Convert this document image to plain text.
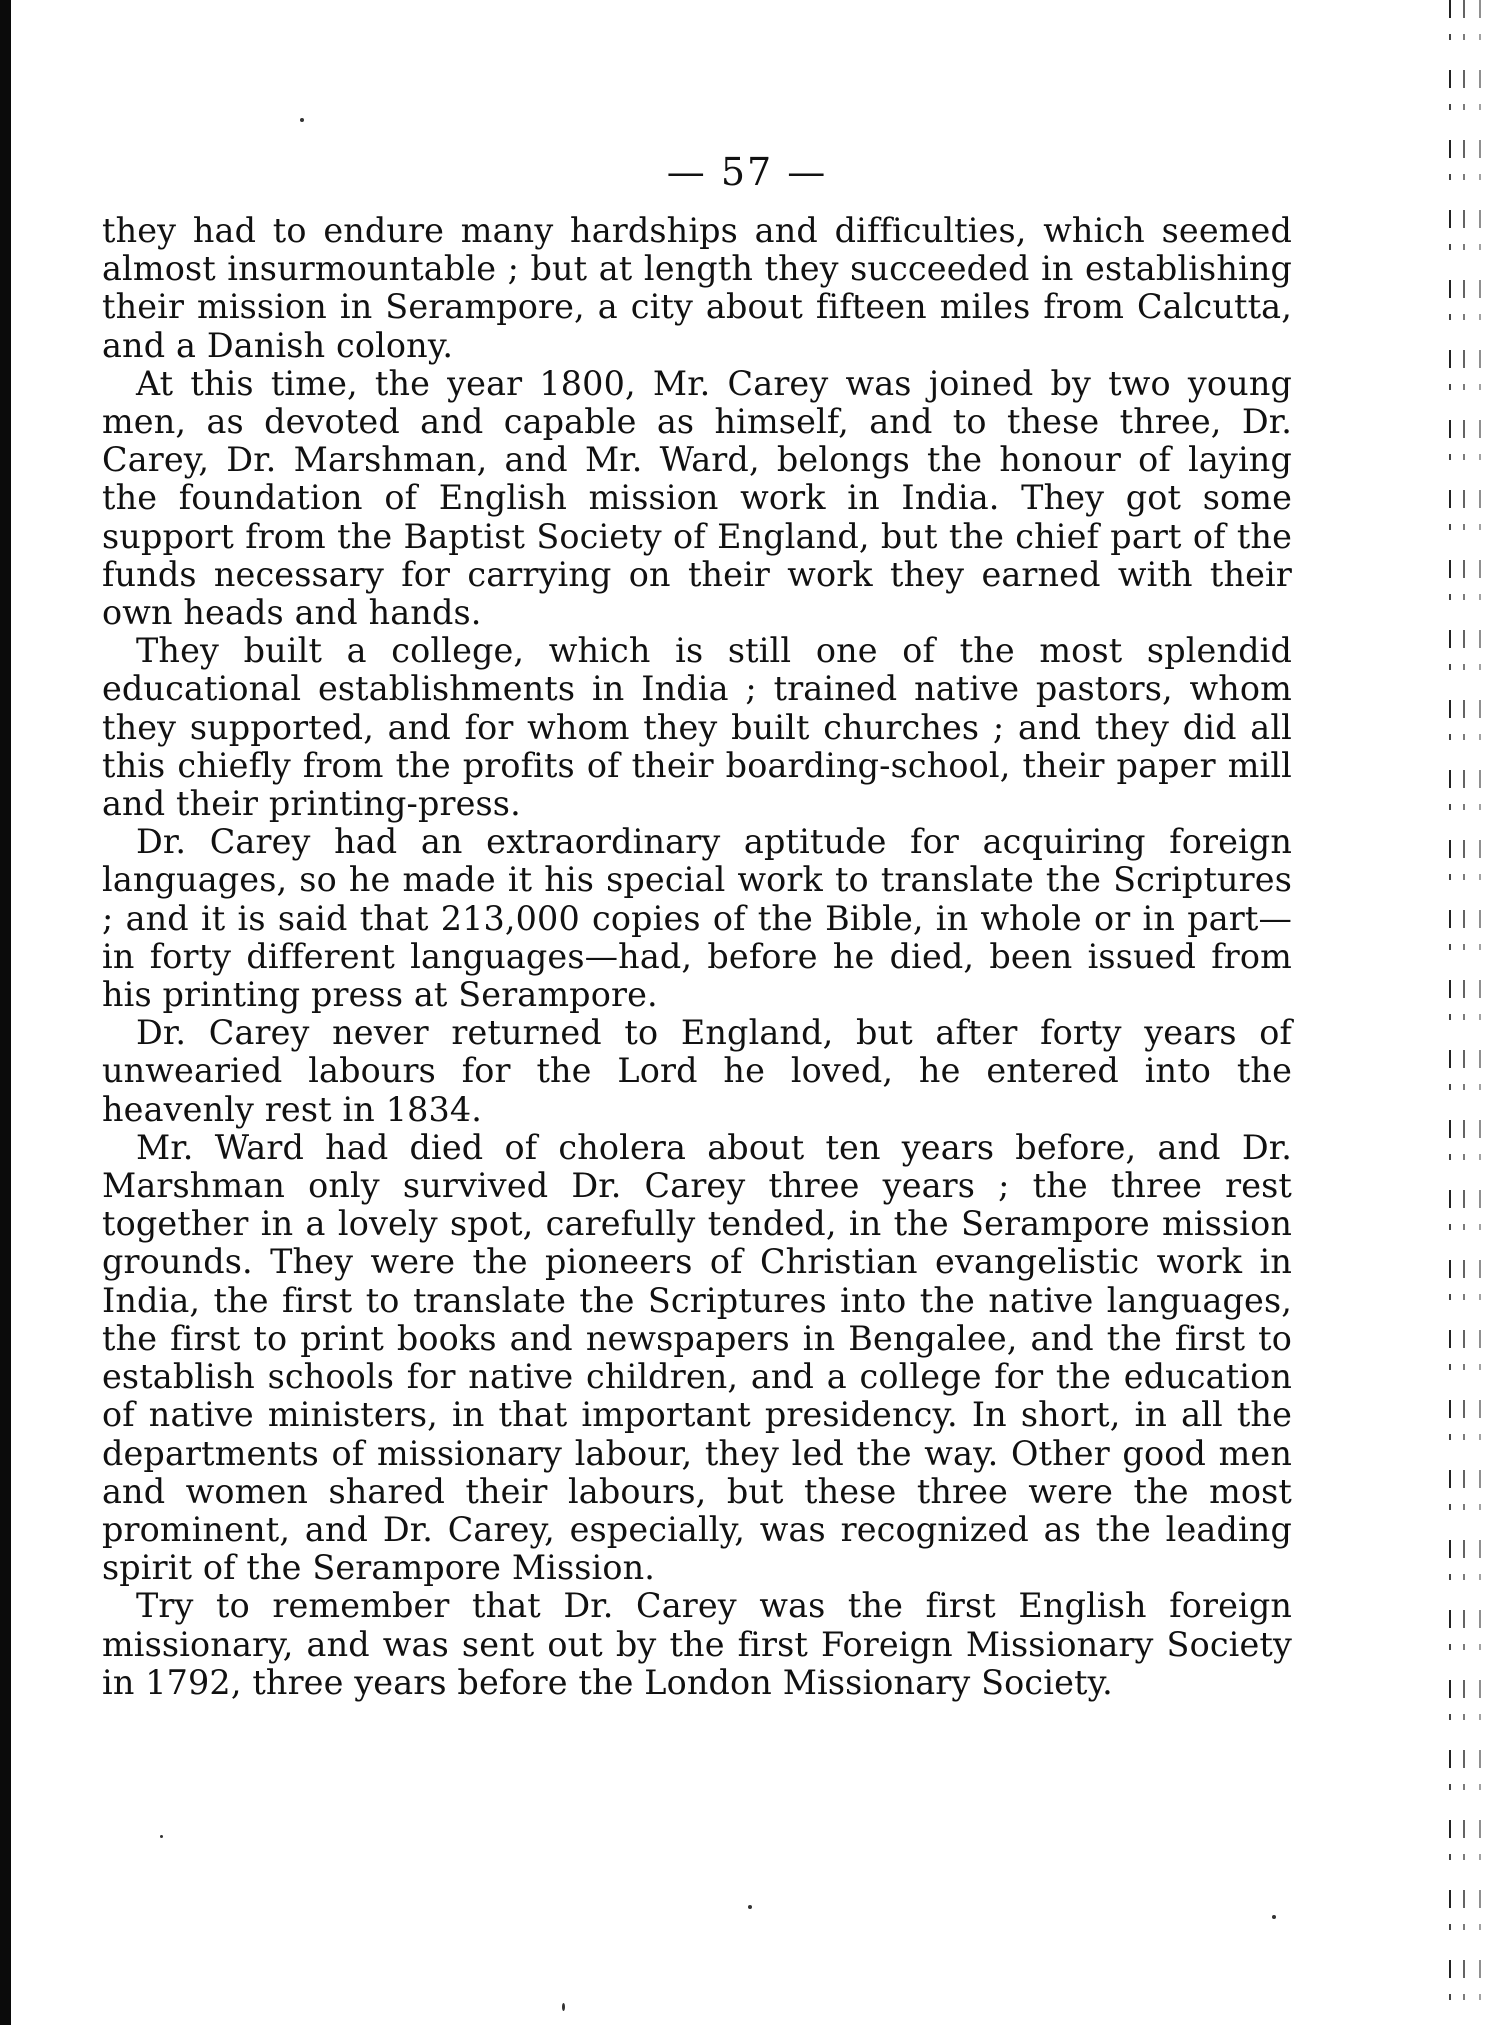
— 57 —

they had to endure many hardships and difficulties, which seemed almost insurmountable ; but at length they succeeded in establishing their mission in Serampore, a city about fifteen miles from Calcutta, and a Danish colony.

At this time, the year 1800, Mr. Carey was joined by two young men, as devoted and capable as himself, and to these three, Dr. Carey, Dr. Marshman, and Mr. Ward, belongs the honour of laying the foundation of English mission work in India. They got some support from the Baptist Society of England, but the chief part of the funds necessary for carrying on their work they earned with their own heads and hands.

They built a college, which is still one of the most splendid educational establishments in India ; trained native pastors, whom they supported, and for whom they built churches ; and they did all this chiefly from the profits of their boarding-school, their paper mill and their printing-press.

Dr. Carey had an extraordinary aptitude for acquiring foreign languages, so he made it his special work to translate the Scriptures ; and it is said that 213,000 copies of the Bible, in whole or in part—in forty different languages—had, before he died, been issued from his printing press at Serampore.

Dr. Carey never returned to England, but after forty years of unwearied labours for the Lord he loved, he entered into the heavenly rest in 1834.

Mr. Ward had died of cholera about ten years before, and Dr. Marshman only survived Dr. Carey three years ; the three rest together in a lovely spot, carefully tended, in the Serampore mission grounds. They were the pioneers of Christian evangelistic work in India, the first to translate the Scriptures into the native languages, the first to print books and newspapers in Bengalee, and the first to establish schools for native children, and a college for the education of native ministers, in that important presidency. In short, in all the departments of missionary labour, they led the way. Other good men and women shared their labours, but these three were the most prominent, and Dr. Carey, especially, was recognized as the leading spirit of the Serampore Mission.

Try to remember that Dr. Carey was the first English foreign missionary, and was sent out by the first Foreign Missionary Society in 1792, three years before the London Missionary Society.
